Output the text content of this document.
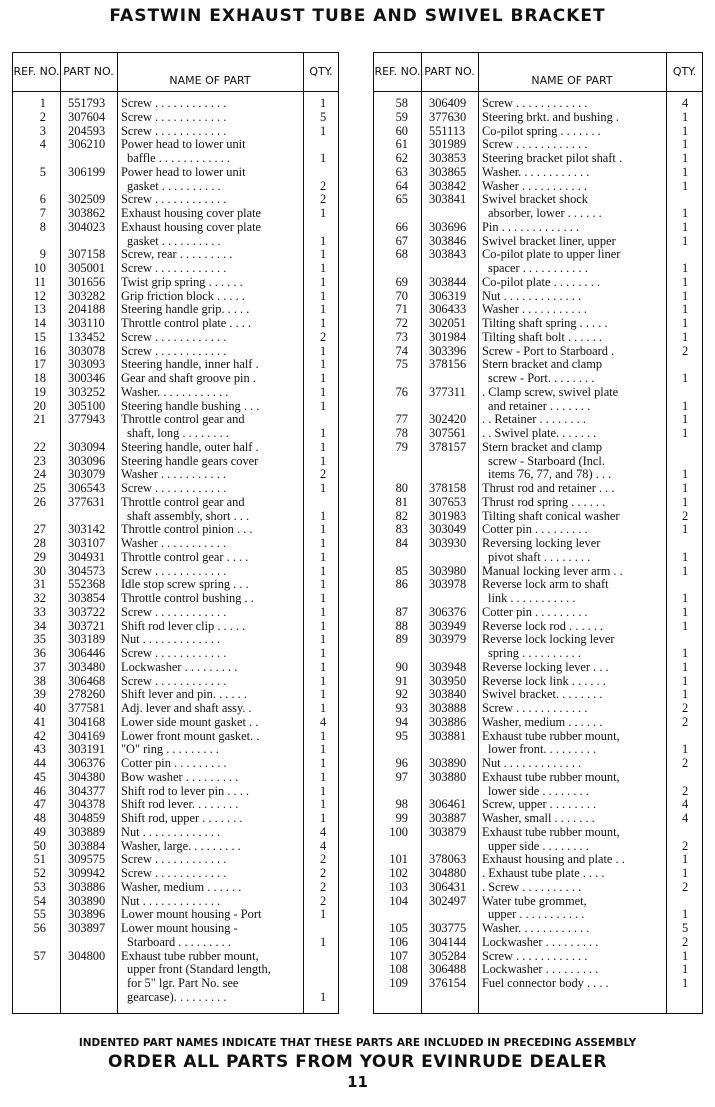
FASTWIN EXHAUST TUBE AND SWIVEL BRACKET
REF. NO. PART NO.
NAME OF PART
QTY.
1 551793 Screw . . . . . . . . . . . .	1
2 307604 Screw . . . . . . . . . . . .	5
3 204593 Screw . . . . . . . . . . . .	1
4 306210 Power head to lower unit
baffle . . . . . . . . . . . .	1
5 306199 Power head to lower unit
gasket . . . . . . . . . .	2
6 302509 Screw . . . . . . . . . . . .	2
7 303862 Exhaust housing cover plate	1
8 304023 Exhaust housing cover plate
gasket . . . . . . . . . .	1
9 307158 Screw, rear . . . . . . . . .	1
10 305001 Screw . . . . . . . . . . . .	1
11 301656 Twist grip spring . . . . . .	1
12 303282 Grip friction block . . . . .	1
13 204188 Steering handle grip. . . . .	1
14 303110 Throttle control plate . . . .	1
15 133452 Screw . . . . . . . . . . . .	2
16 303078 Screw . . . . . . . . . . . .	1
17 303093 Steering handle, inner half .	1
18 300346 Gear and shaft groove pin .	1
19 303252 Washer. . . . . . . . . . . .	1
20 305100 Steering handle bushing . . .	1
21 377943 Throttle control gear and
shaft, long . . . . . . . .	1
22 303094 Steering handle, outer half .	1
23 303096 Steering handle gears cover	1
24 303079 Washer . . . . . . . . . . .	2
25 306543 Screw . . . . . . . . . . . .	1
26 377631 Throttle control gear and
shaft assembly, short . . .	1
27 303142 Throttle control pinion . . .	1
28 303107 Washer . . . . . . . . . . .	1
29 304931 Throttle control gear . . . .	1
30 304573 Screw . . . . . . . . . . . .	1
31 552368 Idle stop screw spring . . .	1
32 303854 Throttle control bushing . .	1
33 303722 Screw . . . . . . . . . . . .	1
34 303721 Shift rod lever clip . . . . .	1
35 303189 Nut . . . . . . . . . . . . .	1
36 306446 Screw . . . . . . . . . . . .	1
37 303480 Lockwasher . . . . . . . . .	1
38 306468 Screw . . . . . . . . . . . .	1
39 278260 Shift lever and pin. . . . . .	1
40 377581 Adj. lever and shaft assy. .	1
41 304168 Lower side mount gasket . .	4
42 304169 Lower front mount gasket. .	1
43 303191 "O" ring . . . . . . . . .	1
44 306376 Cotter pin . . . . . . . . .	1
45 304380 Bow washer . . . . . . . . .	1
46 304377 Shift rod to lever pin . . . .	1
47 304378 Shift rod lever. . . . . . . .	1
48 304859 Shift rod, upper . . . . . . .	1
49 303889 Nut . . . . . . . . . . . . .	4
50 303884 Washer, large. . . . . . . . .	4
51 309575 Screw . . . . . . . . . . . .	2
52 309942 Screw . . . . . . . . . . . .	2
53 303886 Washer, medium . . . . . .	2
54 303890 Nut . . . . . . . . . . . . .	2
55 303896 Lower mount housing - Port	1
56 303897 Lower mount housing -
Starboard . . . . . . . . .	1
57 304800 Exhaust tube rubber mount,
upper front (Standard length,
for 5" lgr. Part No. see
gearcase). . . . . . . . .	1
REF. NO. PART NO.
NAME OF PART
QTY.
58 306409 Screw . . . . . . . . . . . .	4
59 377630 Steering brkt. and bushing .	1
60 551113 Co-pilot spring . . . . . . .	1
61 301989 Screw . . . . . . . . . . . .	1
62 303853 Steering bracket pilot shaft .	1
63 303865 Washer. . . . . . . . . . . .	1
64 303842 Washer . . . . . . . . . . .	1
65 303841 Swivel bracket shock
absorber, lower . . . . . .	1
66 303696 Pin . . . . . . . . . . . . .	1
67 303846 Swivel bracket liner, upper	1
68 303843 Co-pilot plate to upper liner
spacer . . . . . . . . . . .	1
69 303844 Co-pilot plate . . . . . . . .	1
70 306319 Nut . . . . . . . . . . . . .	1
71 306433 Washer . . . . . . . . . . .	1
72 302051 Tilting shaft spring . . . . .	1
73 301984 Tilting shaft bolt . . . . . .	1
74 303396 Screw - Port to Starboard .	2
75 378156 Stern bracket and clamp
screw - Port. . . . . . . .	1
76 377311 . Clamp screw, swivel plate
and retainer . . . . . . .	1
77 302420 . . Retainer . . . . . . . .	1
78 307561 . . Swivel plate. . . . . . .	1
79 378157 Stern bracket and clamp
screw - Starboard (Incl.
items 76, 77, and 78) . . .	1
80 378158 Thrust rod and retainer . . .	1
81 307653 Thrust rod spring . . . . . .	1
82 301983 Tilting shaft conical washer	2
83 303049 Cotter pin . . . . . . . . .	1
84 303930 Reversing locking lever
pivot shaft . . . . . . . .	1
85 303980 Manual locking lever arm . .	1
86 303978 Reverse lock arm to shaft
link . . . . . . . . . . .	1
87 306376 Cotter pin . . . . . . . . .	1
88 303949 Reverse lock rod . . . . . .	1
89 303979 Reverse lock locking lever
spring . . . . . . . . . .	1
90 303948 Reverse locking lever . . .	1
91 303950 Reverse lock link . . . . . .	1
92 303840 Swivel bracket. . . . . . . .	1
93 303888 Screw . . . . . . . . . . . .	2
94 303886 Washer, medium . . . . . .	2
95 303881 Exhaust tube rubber mount,
lower front. . . . . . . . .	1
96 303890 Nut . . . . . . . . . . . . .	2
97 303880 Exhaust tube rubber mount,
lower side . . . . . . . .	2
98 306461 Screw, upper . . . . . . . .	4
99 303887 Washer, small . . . . . . .	4
100 303879 Exhaust tube rubber mount,
upper side . . . . . . . .	2
101 378063 Exhaust housing and plate . .	1
102 304880 . Exhaust tube plate . . . .	1
103 306431 . Screw . . . . . . . . . .	2
104 302497 Water tube grommet,
upper . . . . . . . . . . .	1
105 303775 Washer. . . . . . . . . . . .	5
106 304144 Lockwasher . . . . . . . . .	2
107 305284 Screw . . . . . . . . . . . .	1
108 306488 Lockwasher . . . . . . . . .	1
109 376154 Fuel connector body . . . .	1
INDENTED PART NAMES INDICATE THAT THESE PARTS ARE INCLUDED IN PRECEDING ASSEMBLY
ORDER ALL PARTS FROM YOUR EVINRUDE DEALER
11
